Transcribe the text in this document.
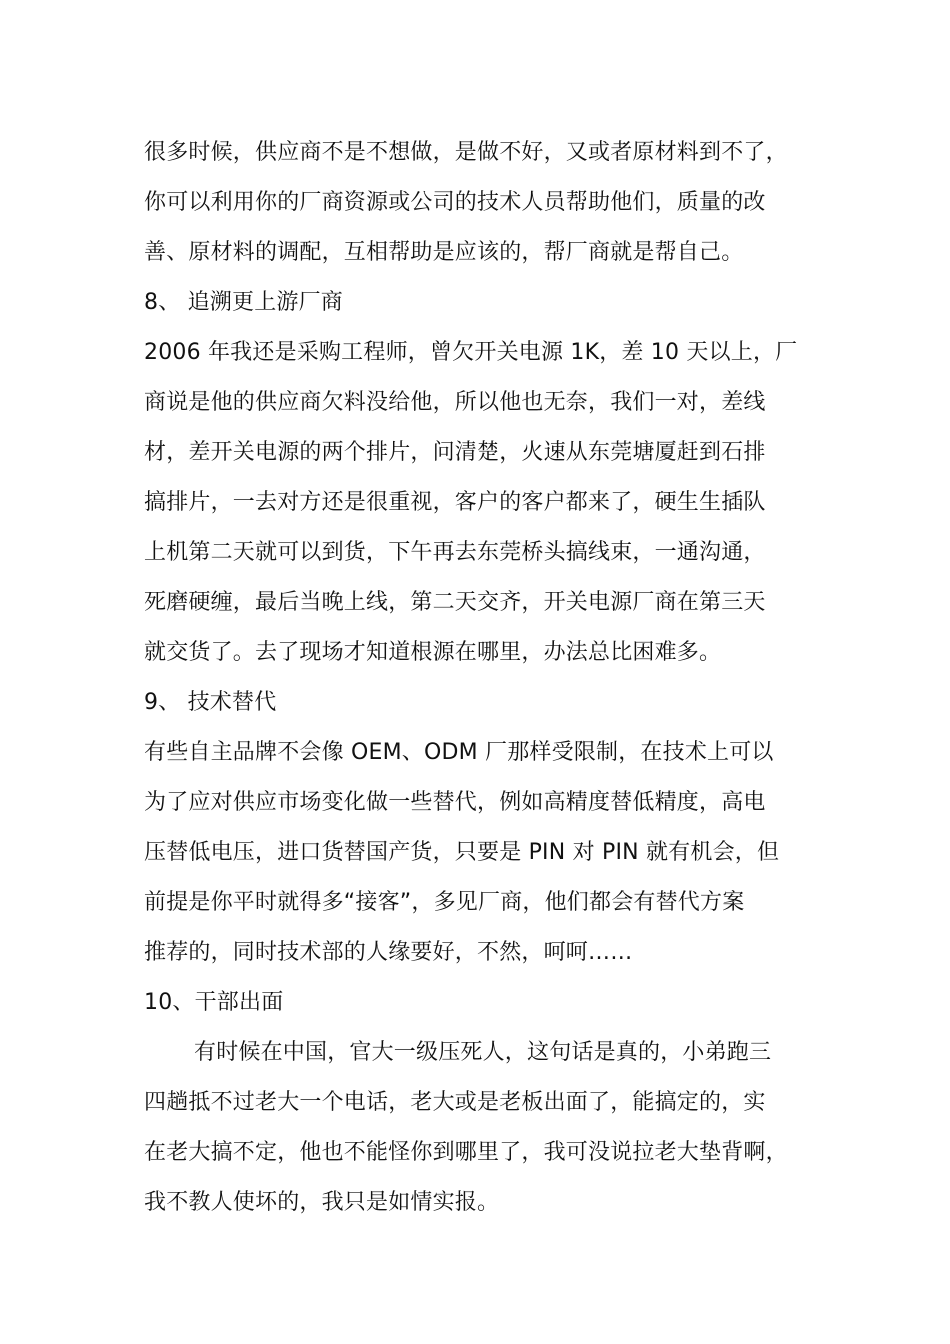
很多时候，供应商不是不想做，是做不好，又或者原材料到不了，
你可以利用你的厂商资源或公司的技术人员帮助他们，质量的改
善、原材料的调配，互相帮助是应该的，帮厂商就是帮自己。
8、 追溯更上游厂商
2006 年我还是采购工程师，曾欠开关电源 1K，差 10 天以上，厂
商说是他的供应商欠料没给他，所以他也无奈，我们一对，差线
材，差开关电源的两个排片，问清楚，火速从东莞塘厦赶到石排
搞排片，一去对方还是很重视，客户的客户都来了，硬生生插队
上机第二天就可以到货，下午再去东莞桥头搞线束，一通沟通，
死磨硬缠，最后当晚上线，第二天交齐，开关电源厂商在第三天
就交货了。去了现场才知道根源在哪里，办法总比困难多。
9、 技术替代
有些自主品牌不会像 OEM、ODM 厂那样受限制，在技术上可以
为了应对供应市场变化做一些替代，例如高精度替低精度，高电
压替低电压，进口货替国产货，只要是 PIN 对 PIN 就有机会，但
前提是你平时就得多“接客”，多见厂商，他们都会有替代方案
推荐的，同时技术部的人缘要好，不然，呵呵……
10、干部出面
有时候在中国，官大一级压死人，这句话是真的，小弟跑三
四趟抵不过老大一个电话，老大或是老板出面了，能搞定的，实
在老大搞不定，他也不能怪你到哪里了，我可没说拉老大垫背啊，
我不教人使坏的，我只是如情实报。
